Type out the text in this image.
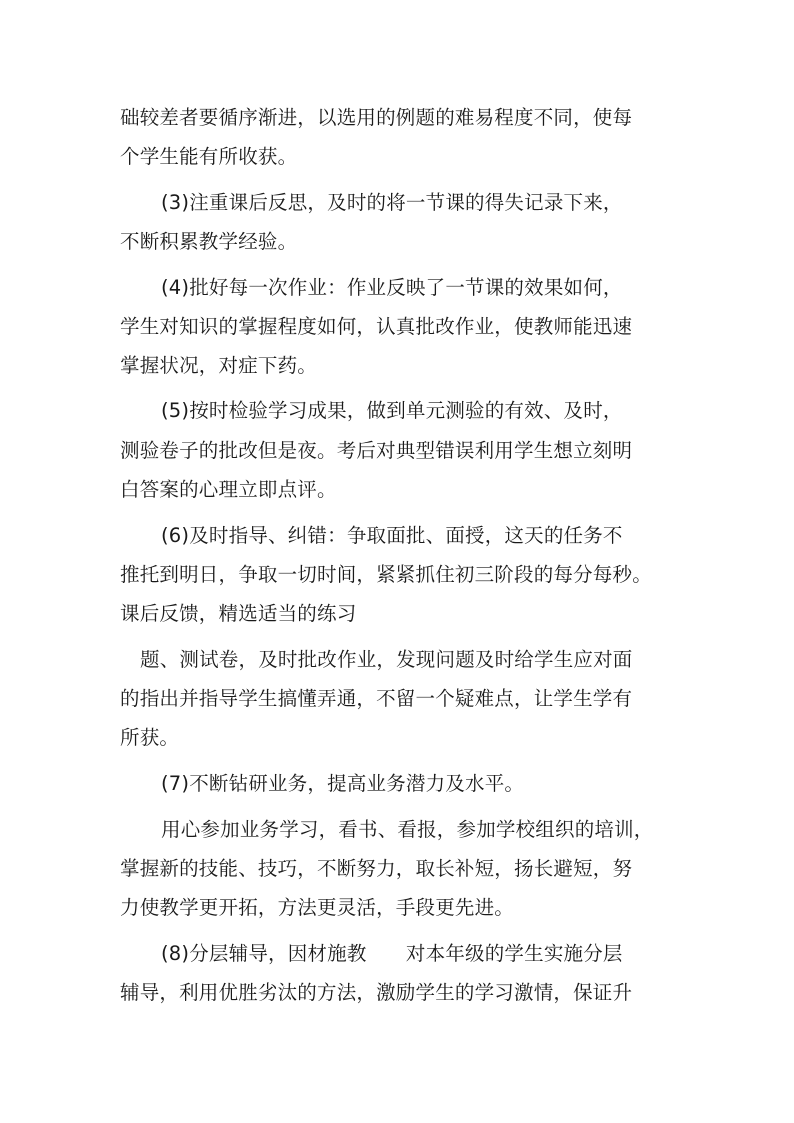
础较差者要循序渐进，以选用的例题的难易程度不同，使每
个学生能有所收获。
(3)注重课后反思，及时的将一节课的得失记录下来，
不断积累教学经验。
(4)批好每一次作业：作业反映了一节课的效果如何，
学生对知识的掌握程度如何，认真批改作业，使教师能迅速
掌握状况，对症下药。
(5)按时检验学习成果，做到单元测验的有效、及时，
测验卷子的批改但是夜。考后对典型错误利用学生想立刻明
白答案的心理立即点评。
(6)及时指导、纠错：争取面批、面授，这天的任务不
推托到明日，争取一切时间，紧紧抓住初三阶段的每分每秒。
课后反馈，精选适当的练习
题、测试卷，及时批改作业，发现问题及时给学生应对面
的指出并指导学生搞懂弄通，不留一个疑难点，让学生学有
所获。
(7)不断钻研业务，提高业务潜力及水平。
用心参加业务学习，看书、看报，参加学校组织的培训，
掌握新的技能、技巧，不断努力，取长补短，扬长避短，努
力使教学更开拓，方法更灵活，手段更先进。
(8)分层辅导，因材施教　　对本年级的学生实施分层
辅导，利用优胜劣汰的方法，激励学生的学习激情，保证升
